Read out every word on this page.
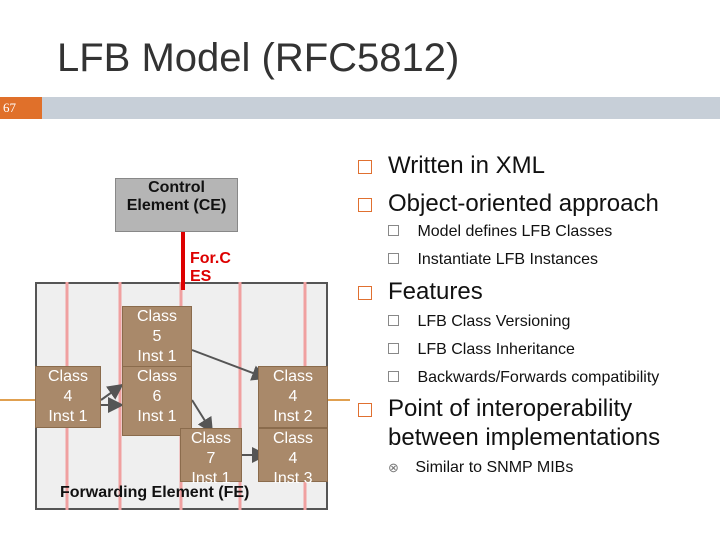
LFB Model (RFC5812)
67
Control Element (CE)
For.C ES
Class
5
Inst 1
Class
6
Inst 1
Class
4
Inst 1
Class
4
Inst 2
Class
7
Inst 1
Class
4
Inst 3
Forwarding Element (FE)
Written in XML
Object-oriented approach
Model defines LFB Classes
Instantiate LFB Instances
Features
LFB Class Versioning
LFB Class Inheritance
Backwards/Forwards compatibility
Point of interoperability between implementations
⊗ Similar to SNMP MIBs
